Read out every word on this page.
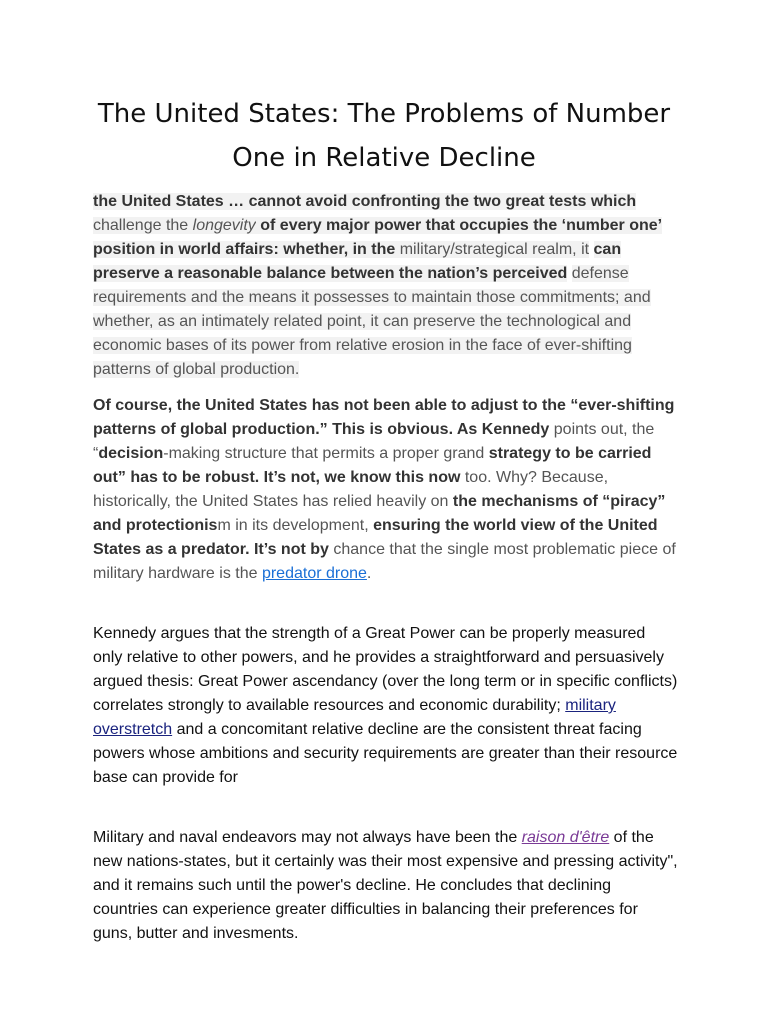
The United States: The Problems of Number
One in Relative Decline

the United States … cannot avoid confronting the two great tests which challenge the longevity of every major power that occupies the ‘number one’ position in world affairs: whether, in the military/strategical realm, it can preserve a reasonable balance between the nation’s perceived defense requirements and the means it possesses to maintain those commitments; and whether, as an intimately related point, it can preserve the technological and economic bases of its power from relative erosion in the face of ever-shifting patterns of global production.

Of course, the United States has not been able to adjust to the “ever-shifting patterns of global production.” This is obvious. As Kennedy points out, the “decision-making structure that permits a proper grand strategy to be carried out” has to be robust. It’s not, we know this now too. Why? Because, historically, the United States has relied heavily on the mechanisms of “piracy” and protectionism in its development, ensuring the world view of the United States as a predator. It’s not by chance that the single most problematic piece of military hardware is the predator drone.

Kennedy argues that the strength of a Great Power can be properly measured only relative to other powers, and he provides a straightforward and persuasively argued thesis: Great Power ascendancy (over the long term or in specific conflicts) correlates strongly to available resources and economic durability; military overstretch and a concomitant relative decline are the consistent threat facing powers whose ambitions and security requirements are greater than their resource base can provide for

Military and naval endeavors may not always have been the raison d'être of the new nations-states, but it certainly was their most expensive and pressing activity", and it remains such until the power's decline. He concludes that declining countries can experience greater difficulties in balancing their preferences for guns, butter and invesments.
